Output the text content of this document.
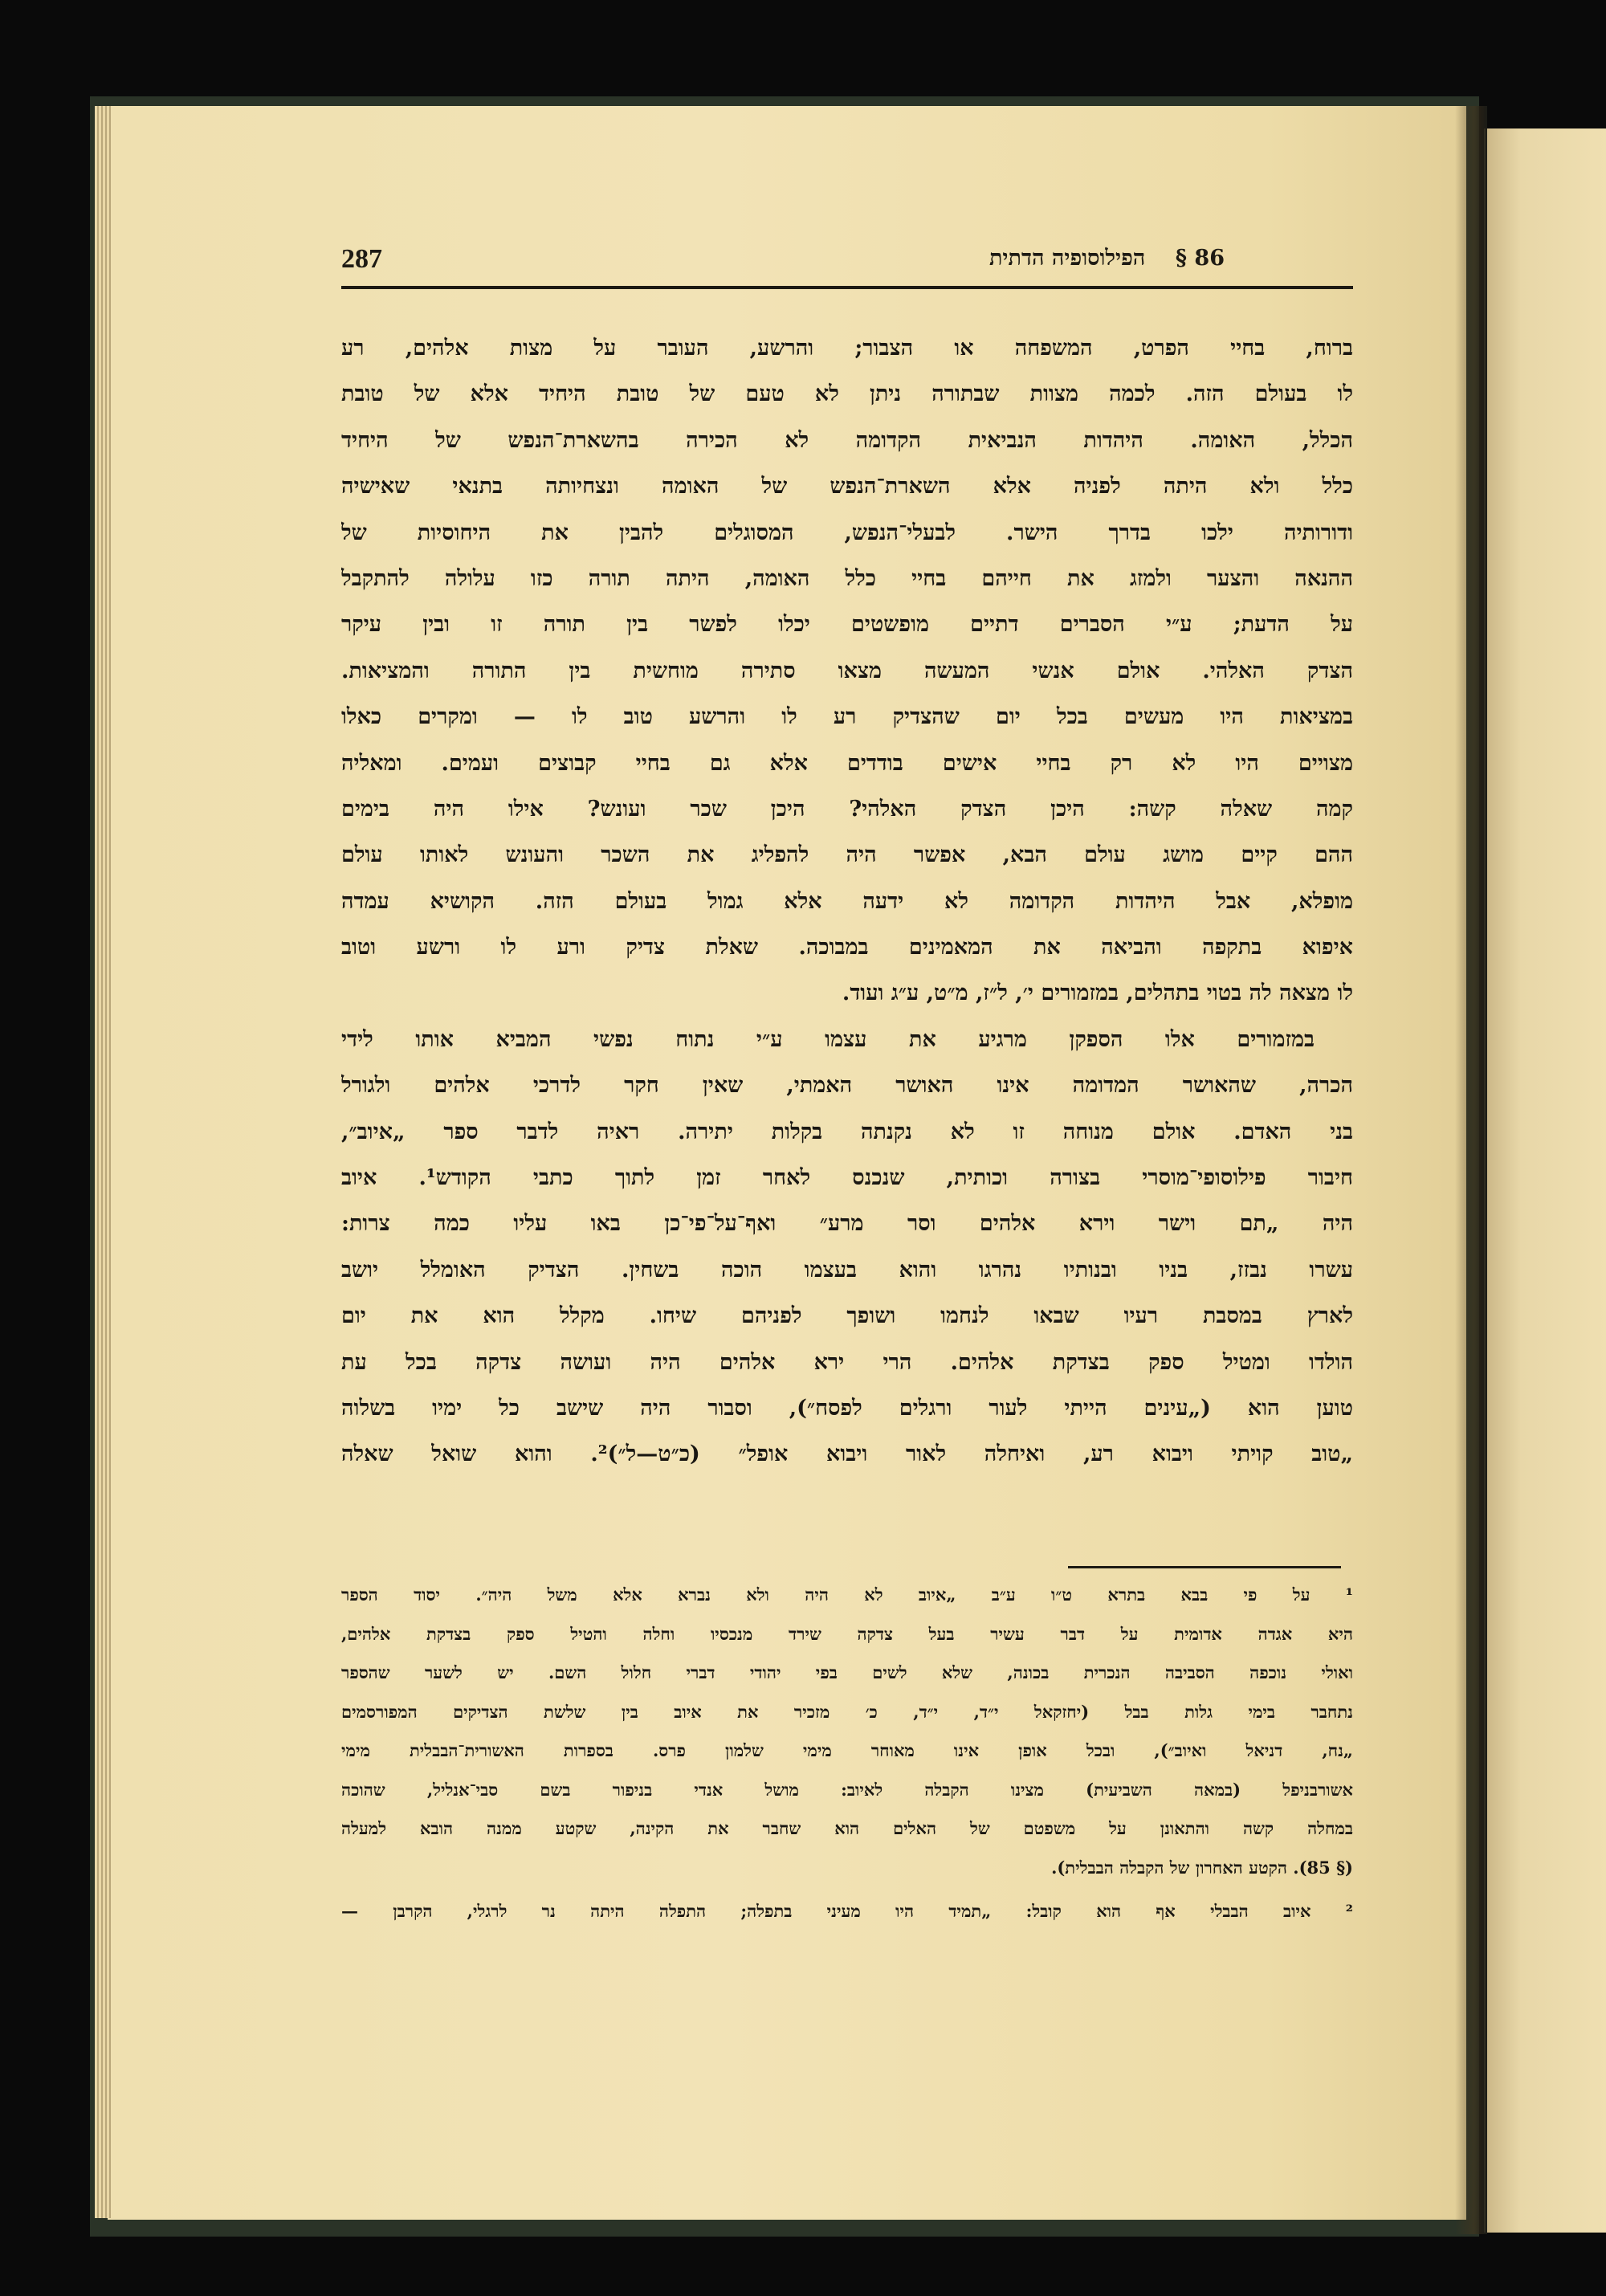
287	§ 86    הפילוסופיה הדתית
ברוח, בחיי הפרט, המשפחה או הצבור; והרשע, העובר על מצות אלהים, רע
לו בעולם הזה. לכמה מצוות שבתורה ניתן לא טעם של טובת היחיד אלא של טובת
הכלל, האומה. היהדות הנביאית הקדומה לא הכירה בהשארת־הנפש של היחיד
כלל ולא היתה לפניה אלא השארת־הנפש של האומה ונצחיותה בתנאי שאישיה
ודורותיה ילכו בדרך הישר. לבעלי־הנפש, המסוגלים להבין את היחוסיות של
ההנאה והצער ולמזג את חייהם בחיי כלל האומה, היתה תורה כזו עלולה להתקבל
על הדעת; ע״י הסברים דתיים מופשטים יכלו לפשר בין תורה זו ובין עיקר
הצדק האלהי. אולם אנשי המעשה מצאו סתירה מוחשית בין התורה והמציאות.
במציאות היו מעשים בכל יום שהצדיק רע לו והרשע טוב לו — ומקרים כאלו
מצויים היו לא רק בחיי אישים בודדים אלא גם בחיי קבוצים ועמים. ומאליה
קמה שאלה קשה: היכן הצדק האלהי? היכן שכר ועונש? אילו היה בימים
ההם קיים מושג עולם הבא, אפשר היה להפליג את השכר והעונש לאותו עולם
מופלא, אבל היהדות הקדומה לא ידעה אלא גמול בעולם הזה. הקושיא עמדה
איפוא בתקפה והביאה את המאמינים במבוכה. שאלת צדיק ורע לו ורשע וטוב
לו מצאה לה בטוי בתהלים, במזמורים י׳, ל״ז, מ״ט, ע״ג ועוד.
במזמורים אלו הספקן מרגיע את עצמו ע״י נתוח נפשי המביא אותו לידי
הכרה, שהאושר המדומה אינו האושר האמתי, שאין חקר לדרכי אלהים ולגורל
בני האדם. אולם מנוחה זו לא נקנתה בקלות יתירה. ראיה לדבר ספר „איוב״,
חיבור פילוסופי־מוסרי בצורה וכותית, שנכנס לאחר זמן לתוך כתבי הקודש¹. איוב
היה „תם וישר וירא אלהים וסר מרע״ ואף־על־פי־כן באו עליו כמה צרות:
עשרו נבזז, בניו ובנותיו נהרגו והוא בעצמו הוכה בשחין. הצדיק האומלל יושב
לארץ במסבת רעיו שבאו לנחמו ושופך לפניהם שיחו. מקלל הוא את יום
הולדו ומטיל ספק בצדקת אלהים. הרי ירא אלהים היה ועושה צדקה בכל עת
טוען הוא („עינים הייתי לעור ורגלים לפסח״), וסבור היה שישב כל ימיו בשלוה
„טוב קויתי ויבוא רע, ואיחלה לאור ויבוא אופל״ (כ״ט—ל״)². והוא שואל שאלה
¹ על פי בבא בתרא ט״ו ע״ב „איוב לא היה ולא נברא אלא משל היה״. יסוד הספר
היא אגדה אדומית על דבר עשיר בעל צדקה שירד מנכסיו וחלה והטיל ספק בצדקת אלהים,
ואולי נוכפה הסביבה הנכרית בכונה, שלא לשים בפי יהודי דברי חלול השם. יש לשער שהספר
נתחבר בימי גלות בבל (יחזקאל י״ד, י״ד, כ׳ מזכיר את איוב בין שלשת הצדיקים המפורסמים
„נח, דניאל ואיוב״), ובכל אופן אינו מאוחר מימי שלמון פרס. בספרות האשורית־הבבלית מימי
אשורבניפל (במאה השביעית) מצינו הקבלה לאיוב: מושל אנדי בניפור בשם סבי־אנליל, שהוכה
במחלה קשה והתאונן על משפטם של האלים הוא שחבר את הקינה, שקטע ממנה הובא למעלה
(§ 85). הקטע האחרון של הקבלה הבבלית).
² איוב הבבלי אף הוא קובל: „תמיד היו מעיני בתפלה; התפלה היתה נר לרגלי, הקרבן —
